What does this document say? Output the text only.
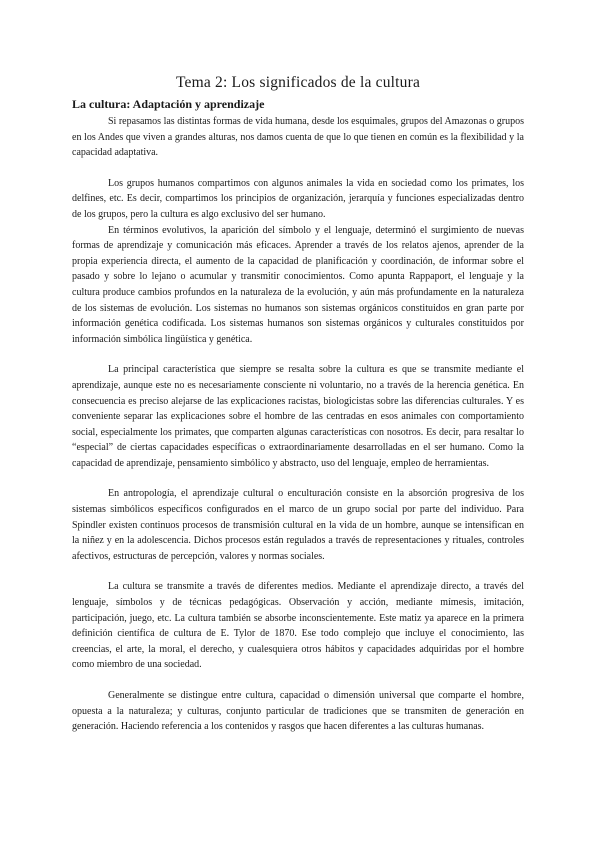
Tema 2: Los significados de la cultura
La cultura: Adaptación y aprendizaje

Si repasamos las distintas formas de vida humana, desde los esquimales, grupos del Amazonas o grupos en los Andes que viven a grandes alturas, nos damos cuenta de que lo que tienen en común es la flexibilidad y la capacidad adaptativa.

Los grupos humanos compartimos con algunos animales la vida en sociedad como los primates, los delfines, etc. Es decir, compartimos los principios de organización, jerarquía y funciones especializadas dentro de los grupos, pero la cultura es algo exclusivo del ser humano.

En términos evolutivos, la aparición del símbolo y el lenguaje, determinó el surgimiento de nuevas formas de aprendizaje y comunicación más eficaces. Aprender a través de los relatos ajenos, aprender de la propia experiencia directa, el aumento de la capacidad de planificación y coordinación, de informar sobre el pasado y sobre lo lejano o acumular y transmitir conocimientos. Como apunta Rappaport, el lenguaje y la cultura produce cambios profundos en la naturaleza de la evolución, y aún más profundamente en la naturaleza de los sistemas de evolución. Los sistemas no humanos son sistemas orgánicos constituidos en gran parte por información genética codificada. Los sistemas humanos son sistemas orgánicos y culturales constituidos por información simbólica lingüística y genética.

La principal característica que siempre se resalta sobre la cultura es que se transmite mediante el aprendizaje, aunque este no es necesariamente consciente ni voluntario, no a través de la herencia genética. En consecuencia es preciso alejarse de las explicaciones racistas, biologicistas sobre las diferencias culturales. Y es conveniente separar las explicaciones sobre el hombre de las centradas en esos animales con comportamiento social, especialmente los primates, que comparten algunas características con nosotros. Es decir, para resaltar lo “especial” de ciertas capacidades específicas o extraordinariamente desarrolladas en el ser humano. Como la capacidad de aprendizaje, pensamiento simbólico y abstracto, uso del lenguaje, empleo de herramientas.

En antropología, el aprendizaje cultural o enculturación consiste en la absorción progresiva de los sistemas simbólicos específicos configurados en el marco de un grupo social por parte del individuo. Para Spindler existen continuos procesos de transmisión cultural en la vida de un hombre, aunque se intensifican en la niñez y en la adolescencia. Dichos procesos están regulados a través de representaciones y rituales, controles afectivos, estructuras de percepción, valores y normas sociales.

La cultura se transmite a través de diferentes medios. Mediante el aprendizaje directo, a través del lenguaje, símbolos y de técnicas pedagógicas. Observación y acción, mediante mímesis, imitación, participación, juego, etc. La cultura también se absorbe inconscientemente. Este matiz ya aparece en la primera definición científica de cultura de E. Tylor de 1870. Ese todo complejo que incluye el conocimiento, las creencias, el arte, la moral, el derecho, y cualesquiera otros hábitos y capacidades adquiridas por el hombre como miembro de una sociedad.

Generalmente se distingue entre cultura, capacidad o dimensión universal que comparte el hombre, opuesta a la naturaleza; y culturas, conjunto particular de tradiciones que se transmiten de generación en generación. Haciendo referencia a los contenidos y rasgos que hacen diferentes a las culturas humanas.
